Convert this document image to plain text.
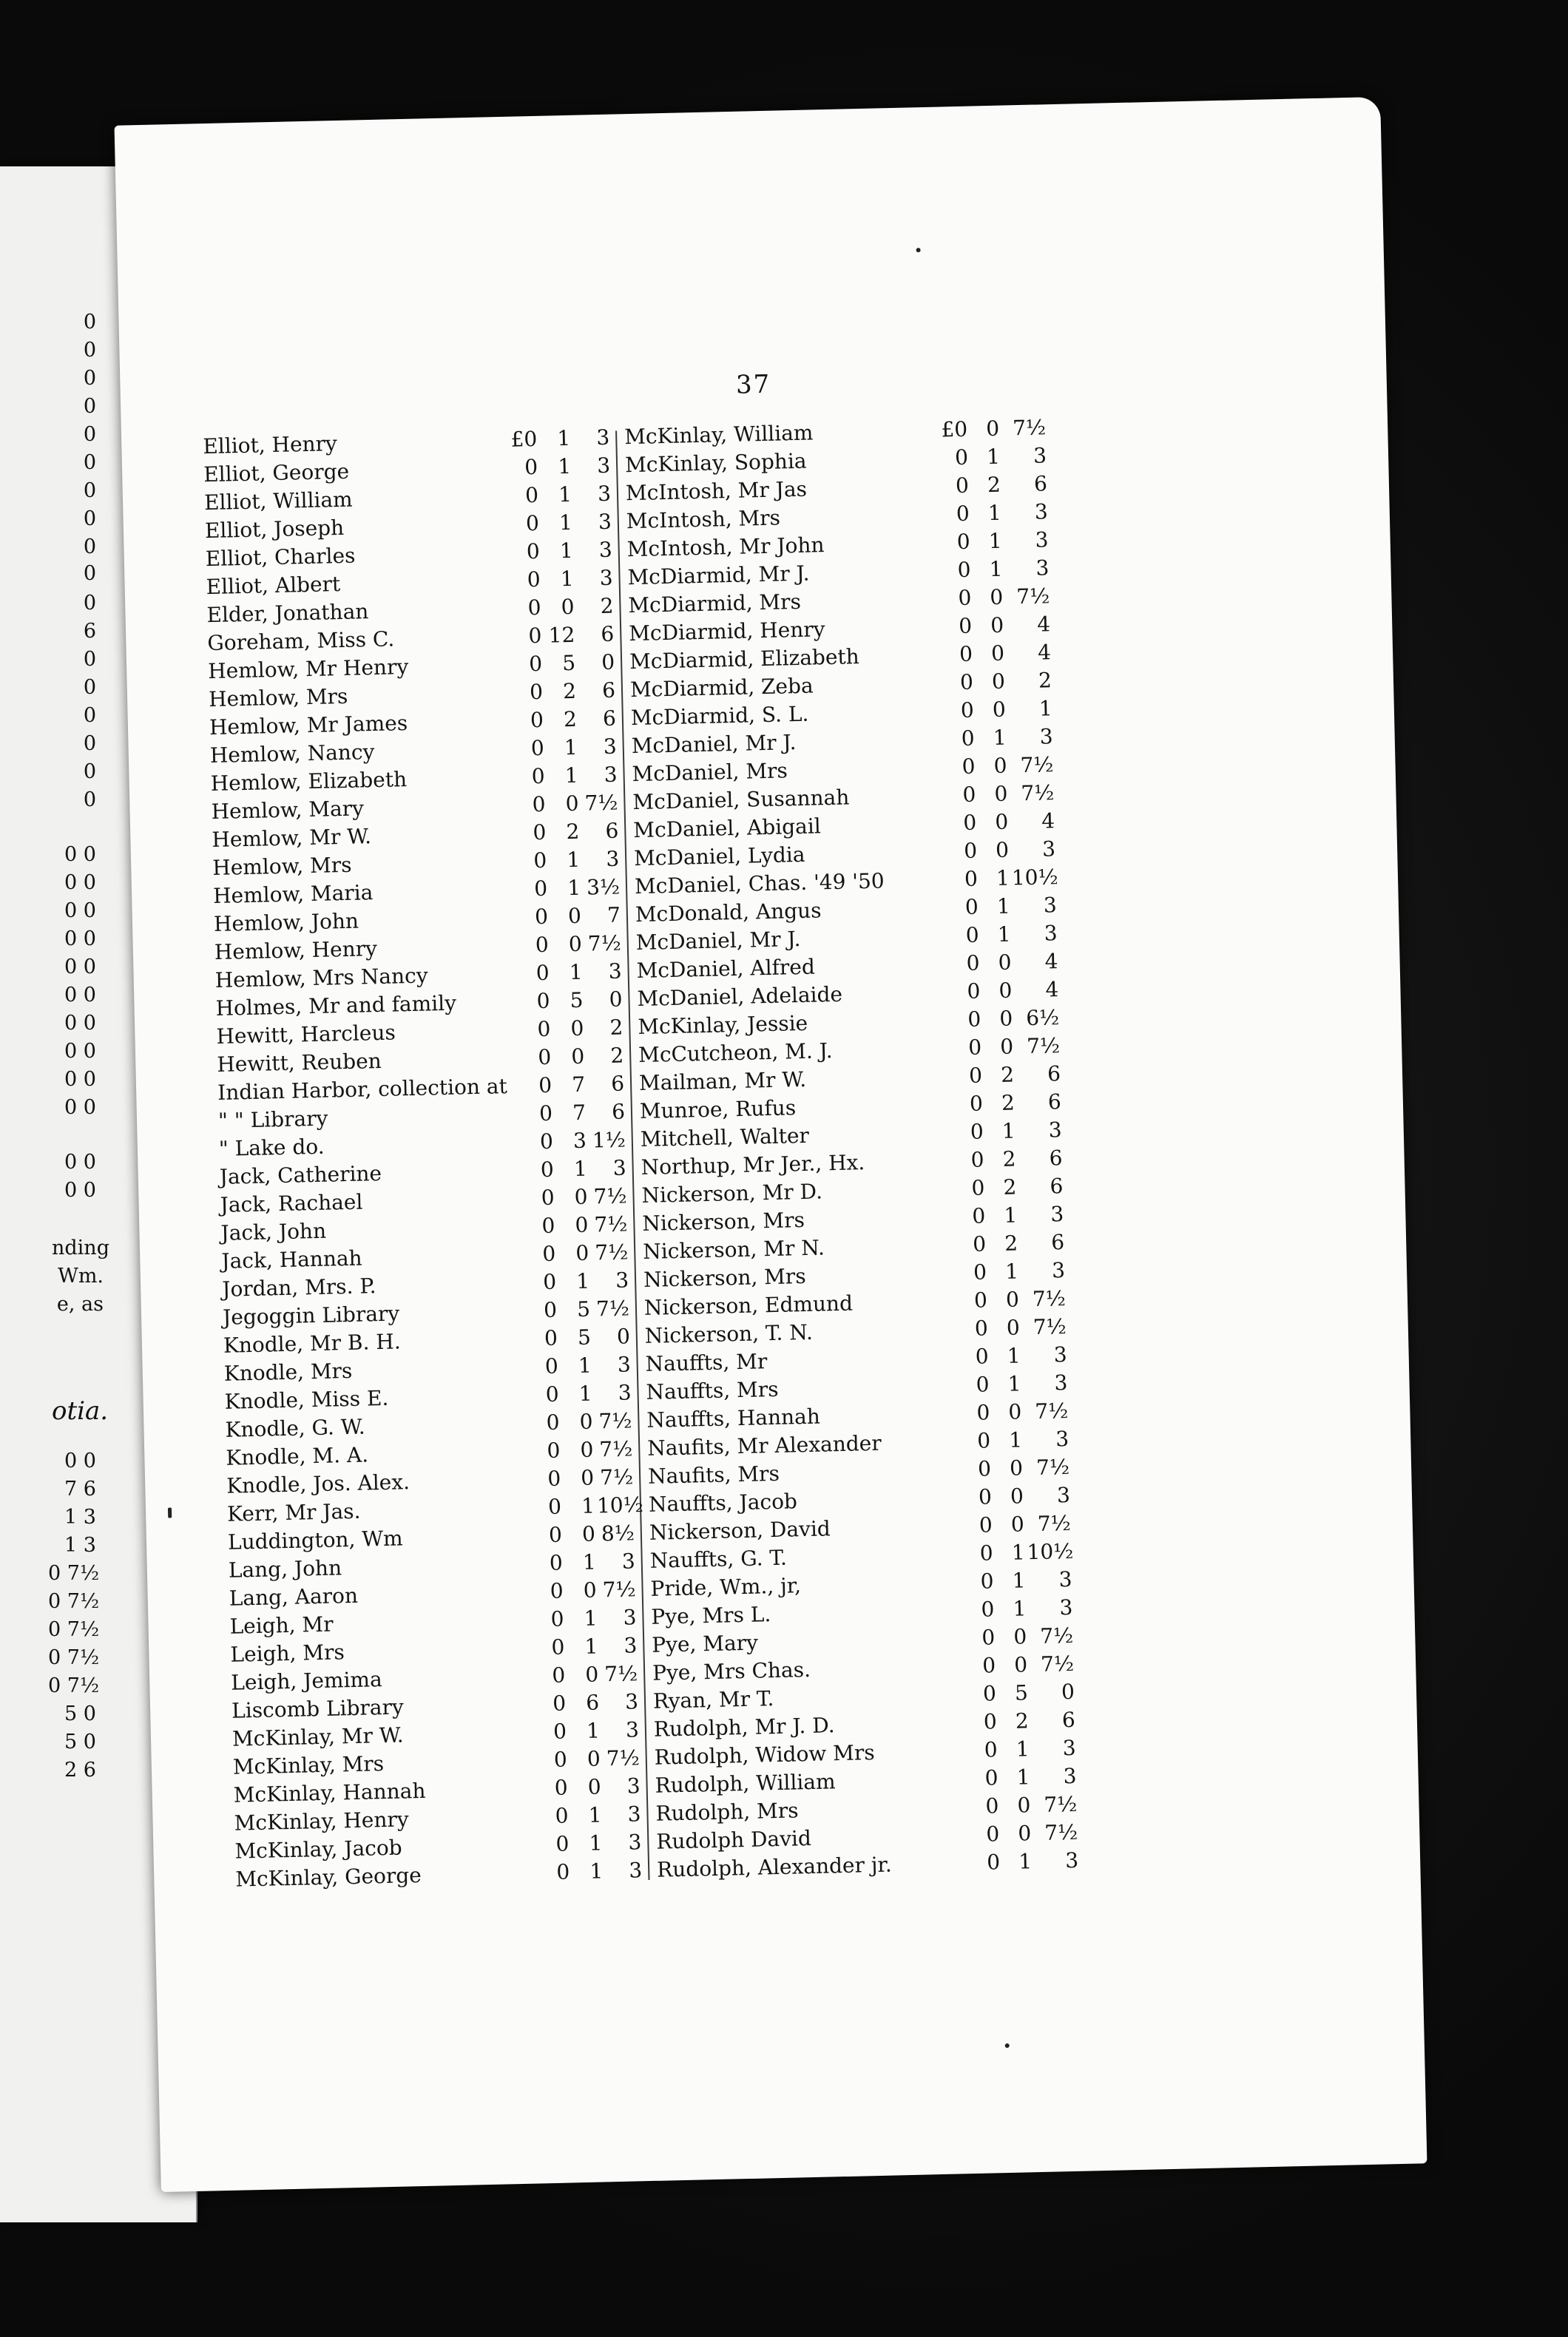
0
0
0
0
0
0
0
0
0
0
0
6
0
0
0
0
0
0
0 0
0 0
0 0
0 0
0 0
0 0
0 0
0 0
0 0
0 0
0 0
0 0
nding
Wm.
e, as
otia.
0 0
7 6
1 3
1 3
0 7½
0 7½
0 7½
0 7½
0 7½
5 0
5 0
2 6
37
Elliot, Henry	£0 1	3
Elliot, George	0 1	3
Elliot, William	0 1	3
Elliot, Joseph	0 1	3
Elliot, Charles	0 1	3
Elliot, Albert	0 1	3
Elder, Jonathan	0 0	2
Goreham, Miss C.	0 12	6
Hemlow, Mr Henry	0 5	0
Hemlow, Mrs	0 2	6
Hemlow, Mr James	0 2	6
Hemlow, Nancy	0 1	3
Hemlow, Elizabeth	0 1	3
Hemlow, Mary	0 0 7½
Hemlow, Mr W.	0 2	6
Hemlow, Mrs	0 1	3
Hemlow, Maria	0 1 3½
Hemlow, John	0 0	7
Hemlow, Henry	0 0 7½
Hemlow, Mrs Nancy	0 1	3
Holmes, Mr and family	0 5	0
Hewitt, Harcleus	0 0	2
Hewitt, Reuben	0 0	2
Indian Harbor, collection at	0 7	6
" " Library	0 7	6
" Lake do.	0 3 1½
Jack, Catherine	0 1	3
Jack, Rachael	0 0 7½
Jack, John	0 0 7½
Jack, Hannah	0 0 7½
Jordan, Mrs. P.	0 1	3
Jegoggin Library	0 5 7½
Knodle, Mr B. H.	0 5	0
Knodle, Mrs	0 1	3
Knodle, Miss E.	0 1	3
Knodle, G. W.	0 0 7½
Knodle, M. A.	0 0 7½
Knodle, Jos. Alex.	0 0 7½
Kerr, Mr Jas.	0 1 10½
Luddington, Wm	0 0 8½
Lang, John	0 1	3
Lang, Aaron	0 0 7½
Leigh, Mr	0 1	3
Leigh, Mrs	0 1	3
Leigh, Jemima	0 0 7½
Liscomb Library	0 6	3
McKinlay, Mr W.	0 1	3
McKinlay, Mrs	0 0 7½
McKinlay, Hannah	0 0	3
McKinlay, Henry	0 1	3
McKinlay, Jacob	0 1	3
McKinlay, George	0 1	3
McKinlay, William	£0 0 7½
McKinlay, Sophia	0 1	3
McIntosh, Mr Jas	0 2	6
McIntosh, Mrs	0 1	3
McIntosh, Mr John	0 1	3
McDiarmid, Mr J.	0 1	3
McDiarmid, Mrs	0 0 7½
McDiarmid, Henry	0 0	4
McDiarmid, Elizabeth	0 0	4
McDiarmid, Zeba	0 0	2
McDiarmid, S. L.	0 0	1
McDaniel, Mr J.	0 1	3
McDaniel, Mrs	0 0 7½
McDaniel, Susannah	0 0 7½
McDaniel, Abigail	0 0	4
McDaniel, Lydia	0 0	3
McDaniel, Chas. '49 '50	0 1 10½
McDonald, Angus	0 1	3
McDaniel, Mr J.	0 1	3
McDaniel, Alfred	0 0	4
McDaniel, Adelaide	0 0	4
McKinlay, Jessie	0 0 6½
McCutcheon, M. J.	0 0 7½
Mailman, Mr W.	0 2	6
Munroe, Rufus	0 2	6
Mitchell, Walter	0 1	3
Northup, Mr Jer., Hx.	0 2	6
Nickerson, Mr D.	0 2	6
Nickerson, Mrs	0 1	3
Nickerson, Mr N.	0 2	6
Nickerson, Mrs	0 1	3
Nickerson, Edmund	0 0 7½
Nickerson, T. N.	0 0 7½
Nauffts, Mr	0 1	3
Nauffts, Mrs	0 1	3
Nauffts, Hannah	0 0 7½
Naufits, Mr Alexander	0 1	3
Naufits, Mrs	0 0 7½
Nauffts, Jacob	0 0	3
Nickerson, David	0 0 7½
Nauffts, G. T.	0 1 10½
Pride, Wm., jr,	0 1	3
Pye, Mrs L.	0 1	3
Pye, Mary	0 0 7½
Pye, Mrs Chas.	0 0 7½
Ryan, Mr T.	0 5	0
Rudolph, Mr J. D.	0 2	6
Rudolph, Widow Mrs	0 1	3
Rudolph, William	0 1	3
Rudolph, Mrs	0 0 7½
Rudolph David	0 0 7½
Rudolph, Alexander jr.	0 1	3
